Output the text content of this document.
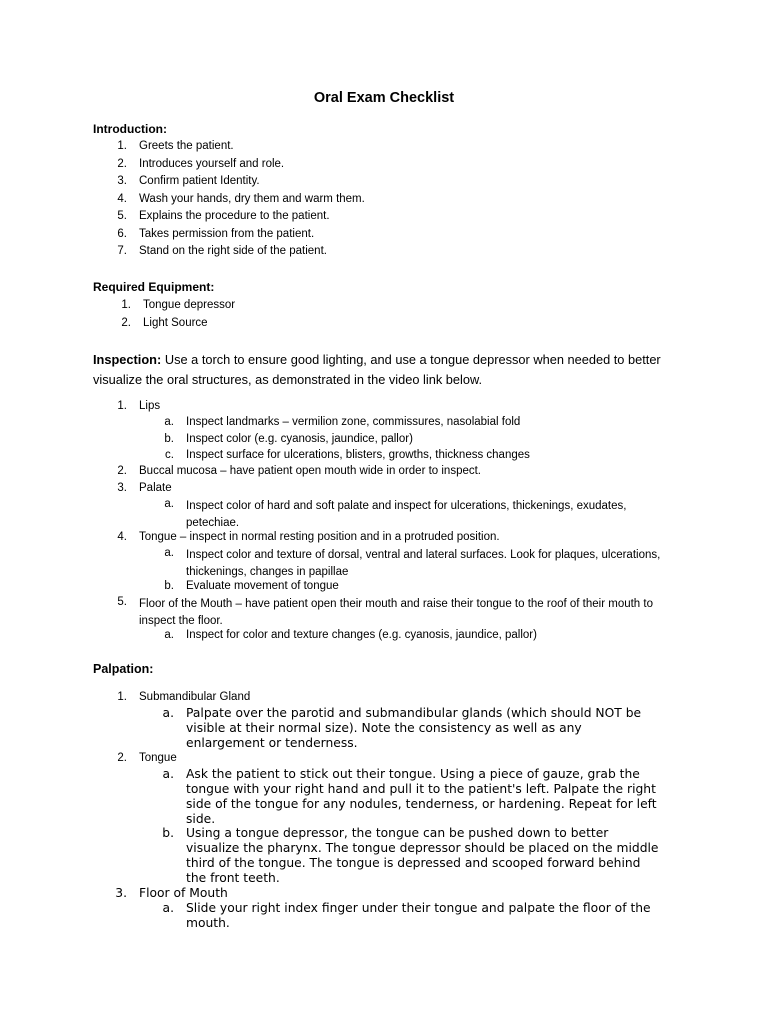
Oral Exam Checklist
Introduction:
1. Greets the patient.
2. Introduces yourself and role.
3. Confirm patient Identity.
4. Wash your hands, dry them and warm them.
5. Explains the procedure to the patient.
6. Takes permission from the patient.
7. Stand on the right side of the patient.
Required Equipment:
1. Tongue depressor
2. Light Source
Inspection: Use a torch to ensure good lighting, and use a tongue depressor when needed to better visualize the oral structures, as demonstrated in the video link below.
1. Lips
a. Inspect landmarks – vermilion zone, commissures, nasolabial fold
b. Inspect color (e.g. cyanosis, jaundice, pallor)
c. Inspect surface for ulcerations, blisters, growths, thickness changes
2. Buccal mucosa – have patient open mouth wide in order to inspect.
3. Palate
a. Inspect color of hard and soft palate and inspect for ulcerations, thickenings, exudates, petechiae.
4. Tongue – inspect in normal resting position and in a protruded position.
a. Inspect color and texture of dorsal, ventral and lateral surfaces. Look for plaques, ulcerations, thickenings, changes in papillae
b. Evaluate movement of tongue
5. Floor of the Mouth – have patient open their mouth and raise their tongue to the roof of their mouth to inspect the floor.
a. Inspect for color and texture changes (e.g. cyanosis, jaundice, pallor)
Palpation:
1. Submandibular Gland
a. Palpate over the parotid and submandibular glands (which should NOT be visible at their normal size). Note the consistency as well as any enlargement or tenderness.
2. Tongue
a. Ask the patient to stick out their tongue. Using a piece of gauze, grab the tongue with your right hand and pull it to the patient's left. Palpate the right side of the tongue for any nodules, tenderness, or hardening. Repeat for left side.
b. Using a tongue depressor, the tongue can be pushed down to better visualize the pharynx. The tongue depressor should be placed on the middle third of the tongue. The tongue is depressed and scooped forward behind the front teeth.
3. Floor of Mouth
a. Slide your right index finger under their tongue and palpate the floor of the mouth.
